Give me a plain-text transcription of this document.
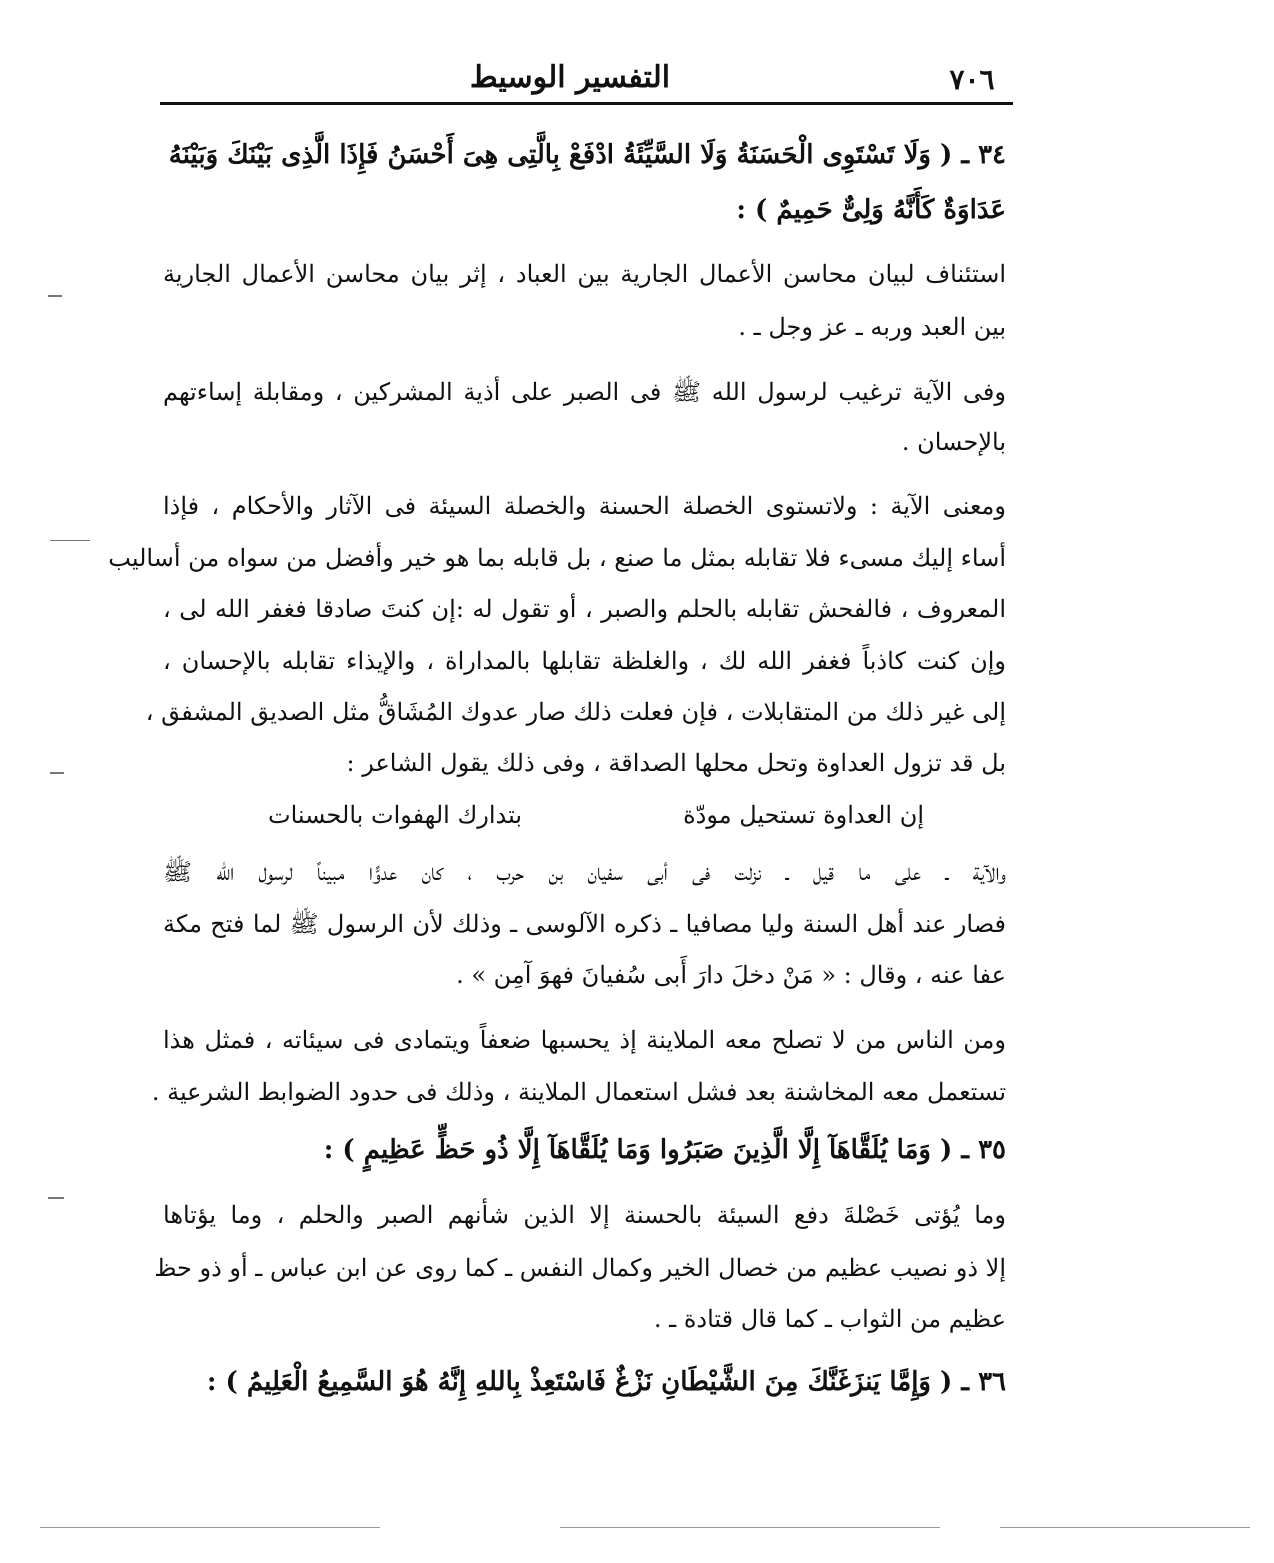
٧٠٦
التفسير الوسيط
٣٤ ـ ( وَلَا تَسْتَوِى الْحَسَنَةُ وَلَا السَّيِّئَةُ ادْفَعْ بِالَّتِى هِىَ أَحْسَنُ فَإِذَا الَّذِى بَيْنَكَ وَبَيْنَهُ
عَدَاوَةٌ كَأَنَّهُ وَلِىٌّ حَمِيمٌ ) :
استئناف لبيان محاسن الأعمال الجارية بين العباد ، إثر بيان محاسن الأعمال الجارية
بين العبد وربه ـ عز وجل ـ .
وفى الآية ترغيب لرسول الله ﷺ فى الصبر على أذية المشركين ، ومقابلة إساءتهم
بالإحسان .
ومعنى الآية : ولاتستوى الخصلة الحسنة والخصلة السيئة فى الآثار والأحكام ، فإذا
أساء إليك مسىء فلا تقابله بمثل ما صنع ، بل قابله بما هو خير وأفضل من سواه من أساليب
المعروف ، فالفحش تقابله بالحلم والصبر ، أو تقول له :إن كنتَ صادقا فغفر الله لى ،
وإن كنت كاذباً فغفر الله لك ، والغلظة تقابلها بالمداراة ، والإيذاء تقابله بالإحسان ،
إلى غير ذلك من المتقابلات ، فإن فعلت ذلك صار عدوك المُشَاقُّ مثل الصديق المشفق ،
بل قد تزول العداوة وتحل محلها الصداقة ، وفى ذلك يقول الشاعر :
إن العداوة تستحيل مودّة
بتدارك الهفوات بالحسنات
والآية ـ على ما قيل ـ نزلت فى أبى سفيان بن حرب ، كان عدوًّا مبيناً لرسول الله ﷺ
فصار عند أهل السنة وليا مصافيا ـ ذكره الآلوسى ـ وذلك لأن الرسول ﷺ لما فتح مكة
عفا عنه ، وقال : « مَنْ دخلَ دارَ أَبى سُفيانَ فهوَ آمِن » .
ومن الناس من لا تصلح معه الملاينة إذ يحسبها ضعفاً ويتمادى فى سيئاته ، فمثل هذا
تستعمل معه المخاشنة بعد فشل استعمال الملاينة ، وذلك فى حدود الضوابط الشرعية .
٣٥ ـ ( وَمَا يُلَقَّاهَآ إِلَّا الَّذِينَ صَبَرُوا وَمَا يُلَقَّاهَآ إِلَّا ذُو حَظٍّ عَظِيمٍ ) :
وما يُؤتى خَصْلةَ دفع السيئة بالحسنة إلا الذين شأنهم الصبر والحلم ، وما يؤتاها
إلا ذو نصيب عظيم من خصال الخير وكمال النفس ـ كما روى عن ابن عباس ـ أو ذو حظ
عظيم من الثواب ـ كما قال قتادة ـ .
٣٦ ـ ( وَإِمَّا يَنزَغَنَّكَ مِنَ الشَّيْطَانِ نَزْغٌ فَاسْتَعِذْ بِاللهِ إِنَّهُ هُوَ السَّمِيعُ الْعَلِيمُ ) :
